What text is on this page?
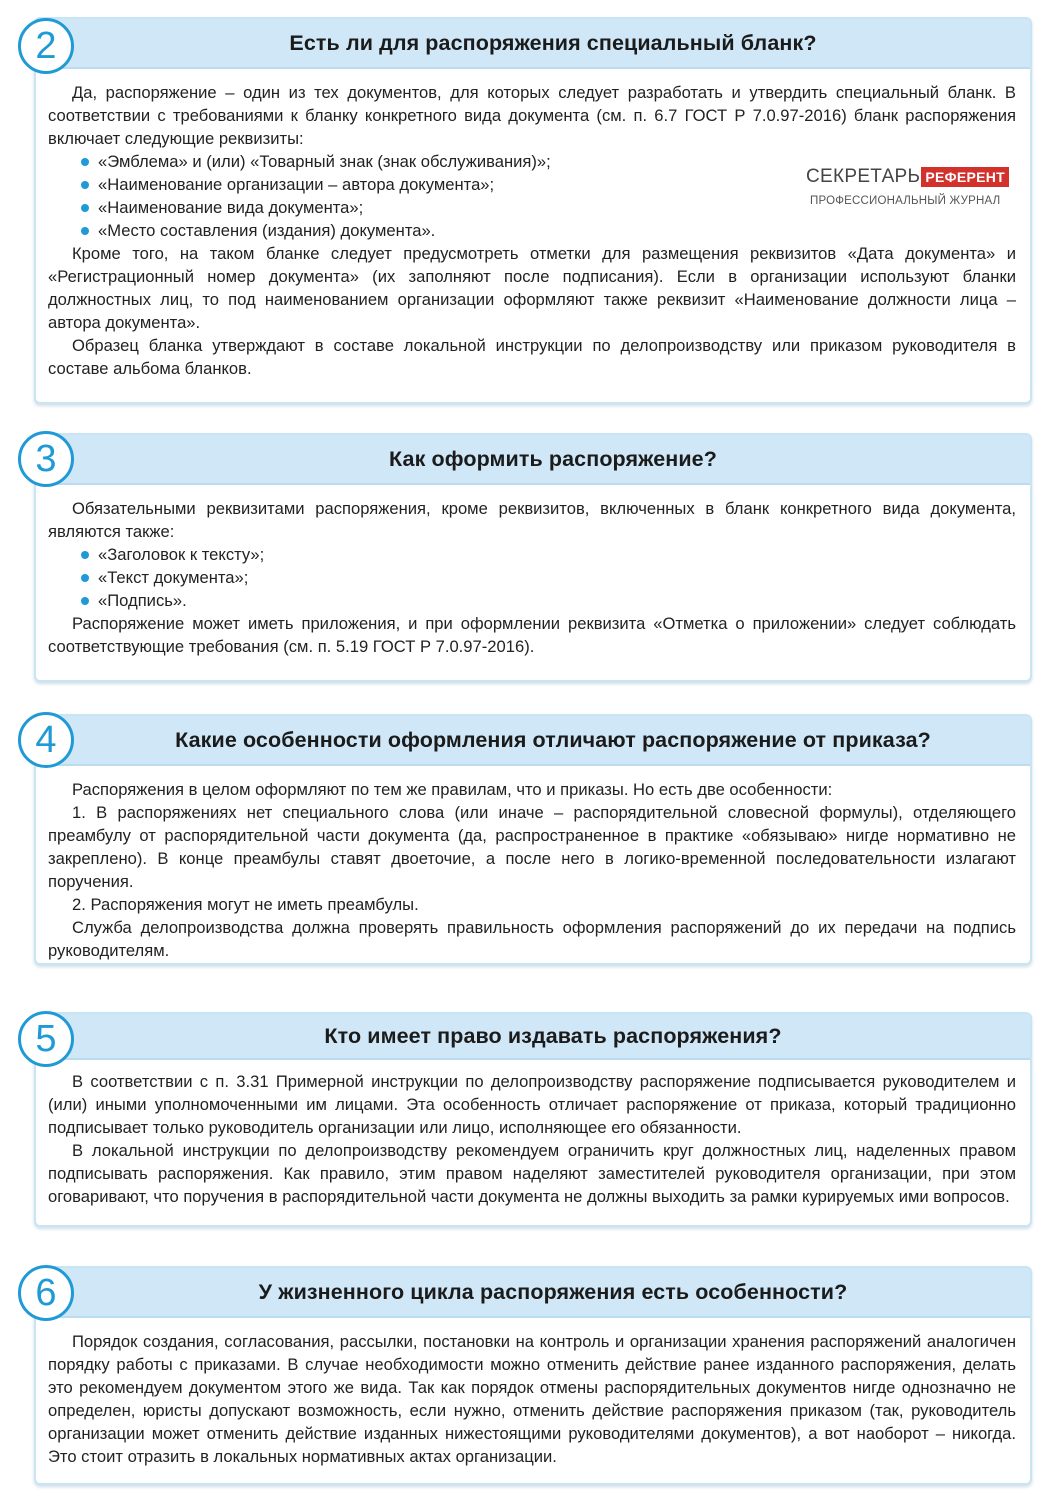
2	Есть ли для распоряжения специальный бланк?

Да, распоряжение – один из тех документов, для которых следует разработать и утвердить специальный бланк. В соответствии с требованиями к бланку конкретного вида документа (см. п. 6.7 ГОСТ Р 7.0.97-2016) бланк распоряжения включает следующие реквизиты:

«Эмблема» и (или) «Товарный знак (знак обслуживания)»;
«Наименование организации – автора документа»;
«Наименование вида документа»;
«Место составления (издания) документа».

Кроме того, на таком бланке следует предусмотреть отметки для размещения реквизитов «Дата документа» и «Регистрационный номер документа» (их заполняют после подписания). Если в организации используют бланки должностных лиц, то под наименованием организации оформляют также реквизит «Наименование должности лица – автора документа».

Образец бланка утверждают в составе локальной инструкции по делопроизводству или приказом руководителя в составе альбома бланков.

СЕКРЕТАРЬ РЕФЕРЕНТ
ПРОФЕССИОНАЛЬНЫЙ ЖУРНАЛ
3	Как оформить распоряжение?

Обязательными реквизитами распоряжения, кроме реквизитов, включенных в бланк конкретного вида документа, являются также:

«Заголовок к тексту»;
«Текст документа»;
«Подпись».

Распоряжение может иметь приложения, и при оформлении реквизита «Отметка о приложении» следует соблюдать соответствующие требования (см. п. 5.19 ГОСТ Р 7.0.97-2016).

4	Какие особенности оформления отличают распоряжение от приказа?

Распоряжения в целом оформляют по тем же правилам, что и приказы. Но есть две особенности:

1. В распоряжениях нет специального слова (или иначе – распорядительной словесной формулы), отделяющего преамбулу от распорядительной части документа (да, распространенное в практике «обязываю» нигде нормативно не закреплено). В конце преамбулы ставят двоеточие, а после него в логико-временной последовательности излагают поручения.

2. Распоряжения могут не иметь преамбулы.

Служба делопроизводства должна проверять правильность оформления распоряжений до их передачи на подпись руководителям.

5	Кто имеет право издавать распоряжения?

В соответствии с п. 3.31 Примерной инструкции по делопроизводству распоряжение подписывается руководителем и (или) иными уполномоченными им лицами. Эта особенность отличает распоряжение от приказа, который традиционно подписывает только руководитель организации или лицо, исполняющее его обязанности.

В локальной инструкции по делопроизводству рекомендуем ограничить круг должностных лиц, наделенных правом подписывать распоряжения. Как правило, этим правом наделяют заместителей руководителя организации, при этом оговаривают, что поручения в распорядительной части документа не должны выходить за рамки курируемых ими вопросов.

6	У жизненного цикла распоряжения есть особенности?

Порядок создания, согласования, рассылки, постановки на контроль и организации хранения распоряжений аналогичен порядку работы с приказами. В случае необходимости можно отменить действие ранее изданного распоряжения, делать это рекомендуем документом этого же вида. Так как порядок отмены распорядительных документов нигде однозначно не определен, юристы допускают возможность, если нужно, отменить действие распоряжения приказом (так, руководитель организации может отменить действие изданных нижестоящими руководителями документов), а вот наоборот – никогда. Это стоит отразить в локальных нормативных актах организации.
